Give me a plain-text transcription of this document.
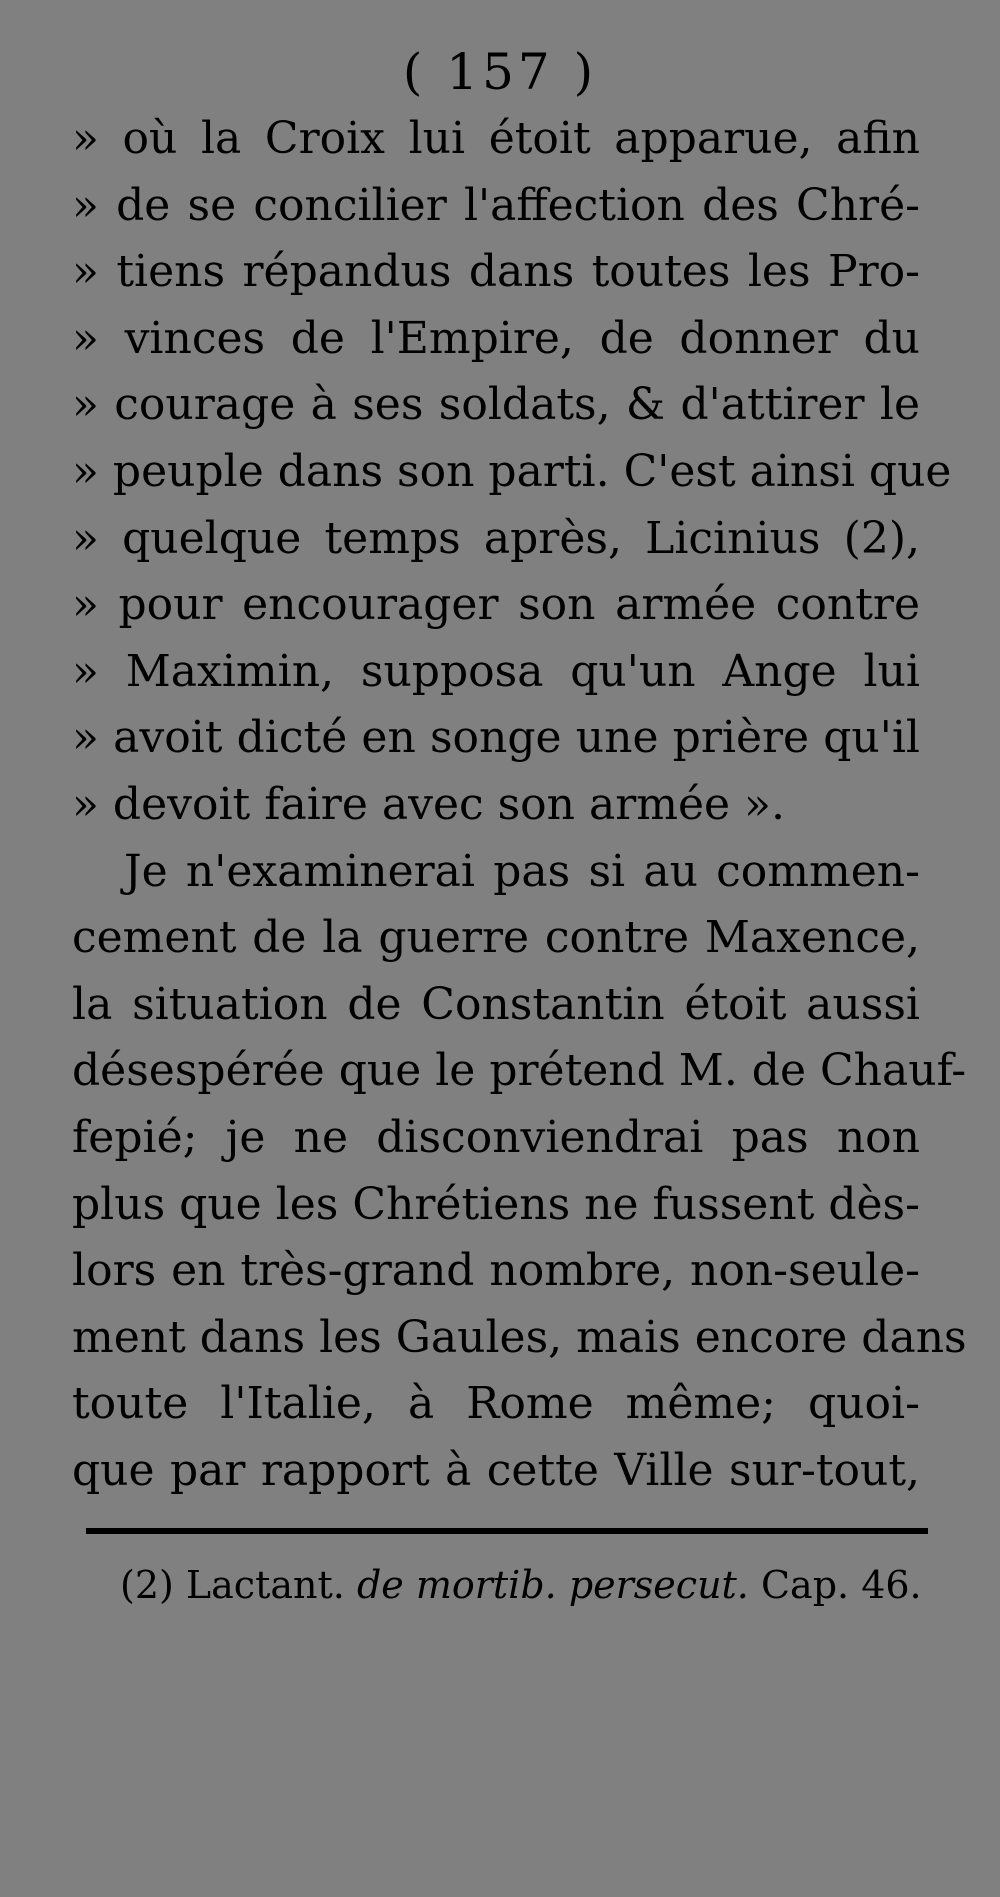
( 157 )
» où la Croix lui étoit apparue, afin
» de se concilier l'affection des Chré-
» tiens répandus dans toutes les Pro-
» vinces de l'Empire, de donner du
» courage à ses soldats, & d'attirer le
» peuple dans son parti. C'est ainsi que
» quelque temps après, Licinius (2),
» pour encourager son armée contre
» Maximin, supposa qu'un Ange lui
» avoit dicté en songe une prière qu'il
» devoit faire avec son armée ».
Je n'examinerai pas si au commen-
cement de la guerre contre Maxence,
la situation de Constantin étoit aussi
désespérée que le prétend M. de Chauf-
fepié; je ne disconviendrai pas non
plus que les Chrétiens ne fussent dès-
lors en très-grand nombre, non-seule-
ment dans les Gaules, mais encore dans
toute l'Italie, à Rome même; quoi-
que par rapport à cette Ville sur-tout,
(2) Lactant. de mortib. persecut. Cap. 46.
